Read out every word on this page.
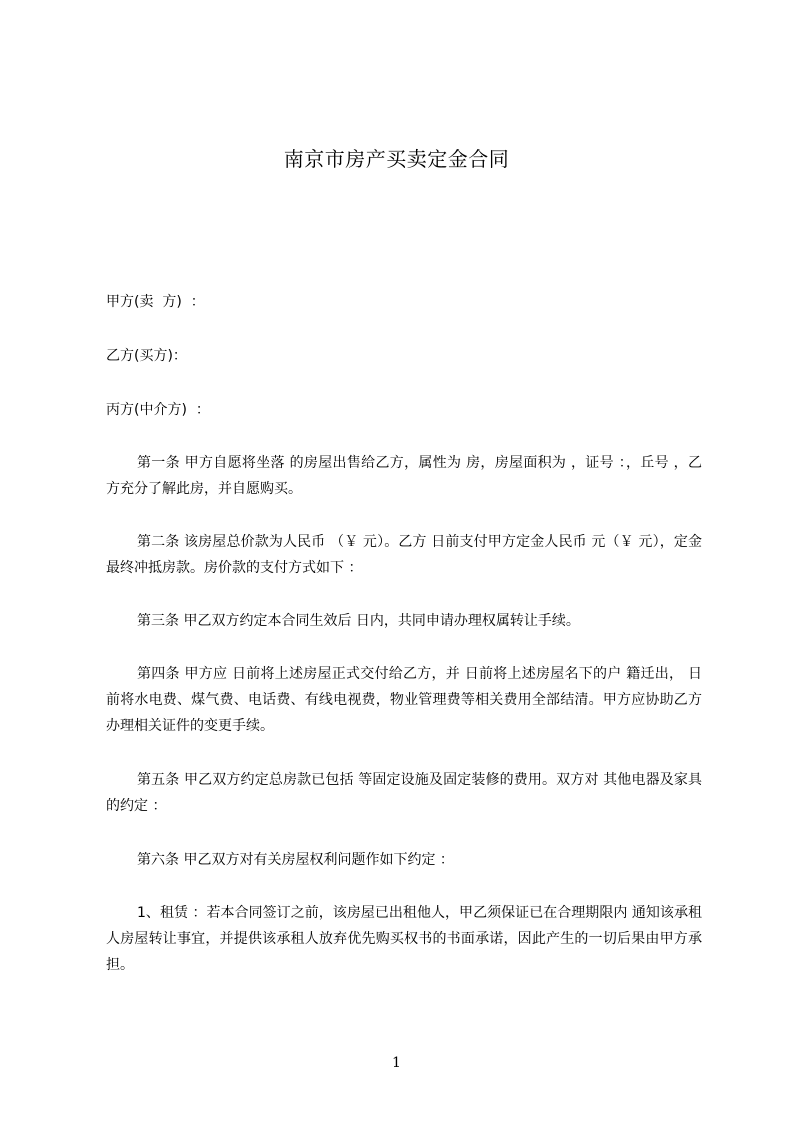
南京市房产买卖定金合同
甲方(卖  方)  ：
乙方(买方)：
丙方(中介方)  ：

第一条 甲方自愿将坐落 的房屋出售给乙方，属性为 房，房屋面积为 ，证号 ：，丘号 ，乙方充分了解此房，并自愿购买。

第二条 该房屋总价款为人民币 （￥ 元）。乙方 日前支付甲方定金人民币 元（￥ 元），定金最终冲抵房款。房价款的支付方式如下 ：

第三条 甲乙双方约定本合同生效后 日内，共同申请办理权属转让手续。

第四条 甲方应 日前将上述房屋正式交付给乙方，并 日前将上述房屋名下的户 籍迁出， 日前将水电费、煤气费、电话费、有线电视费，物业管理费等相关费用全部结清。甲方应协助乙方办理相关证件的变更手续。

第五条 甲乙双方约定总房款已包括 等固定设施及固定装修的费用。双方对 其他电器及家具的约定 ：

第六条 甲乙双方对有关房屋权利问题作如下约定 ：

1、租赁 ：若本合同签订之前，该房屋已出租他人，甲乙须保证已在合理期限内 通知该承租人房屋转让事宜，并提供该承租人放弃优先购买权书的书面承诺，因此产生的一切后果由甲方承担。

1
